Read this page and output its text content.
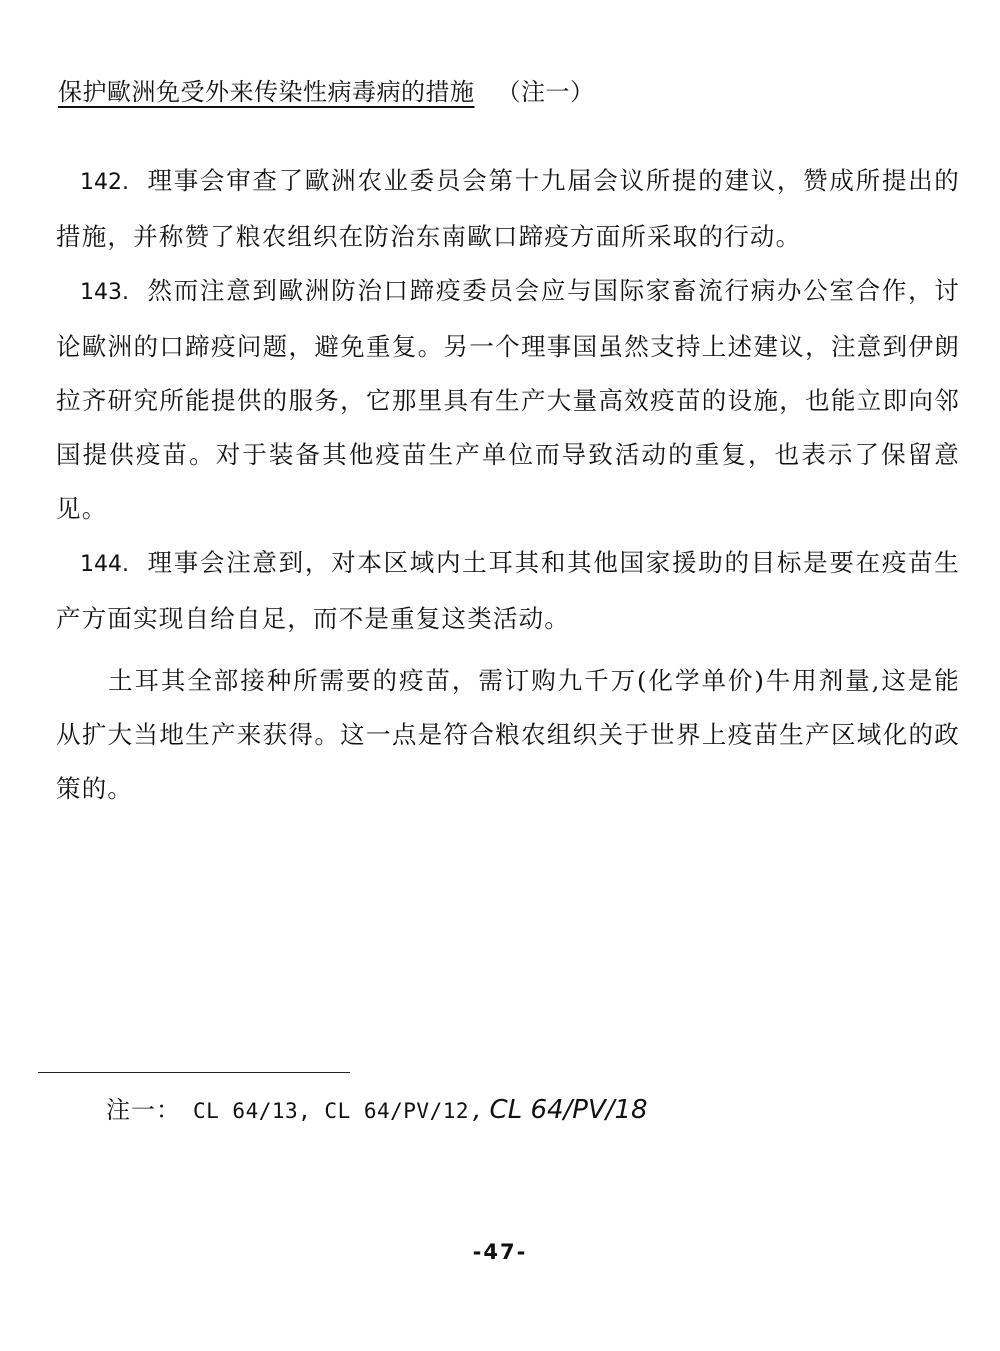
保护歐洲免受外来传染性病毒病的措施 （注一）

142. 理事会审查了歐洲农业委员会第十九届会议所提的建议，赞成所提出的措施，并称赞了粮农组织在防治东南歐口蹄疫方面所采取的行动。

143. 然而注意到歐洲防治口蹄疫委员会应与国际家畜流行病办公室合作，讨论歐洲的口蹄疫问题，避免重复。另一个理事国虽然支持上述建议，注意到伊朗拉齐研究所能提供的服务，它那里具有生产大量高效疫苗的设施，也能立即向邻国提供疫苗。对于装备其他疫苗生产单位而导致活动的重复，也表示了保留意见。

144. 理事会注意到，对本区域内土耳其和其他国家援助的目标是要在疫苗生产方面实现自给自足，而不是重复这类活动。

土耳其全部接种所需要的疫苗，需订购九千万(化学单价)牛用剂量,这是能从扩大当地生产来获得。这一点是符合粮农组织关于世界上疫苗生产区域化的政策的。

注一： CL 64/13, CL 64/PV/12 , CL 64/PV/18
-47-
